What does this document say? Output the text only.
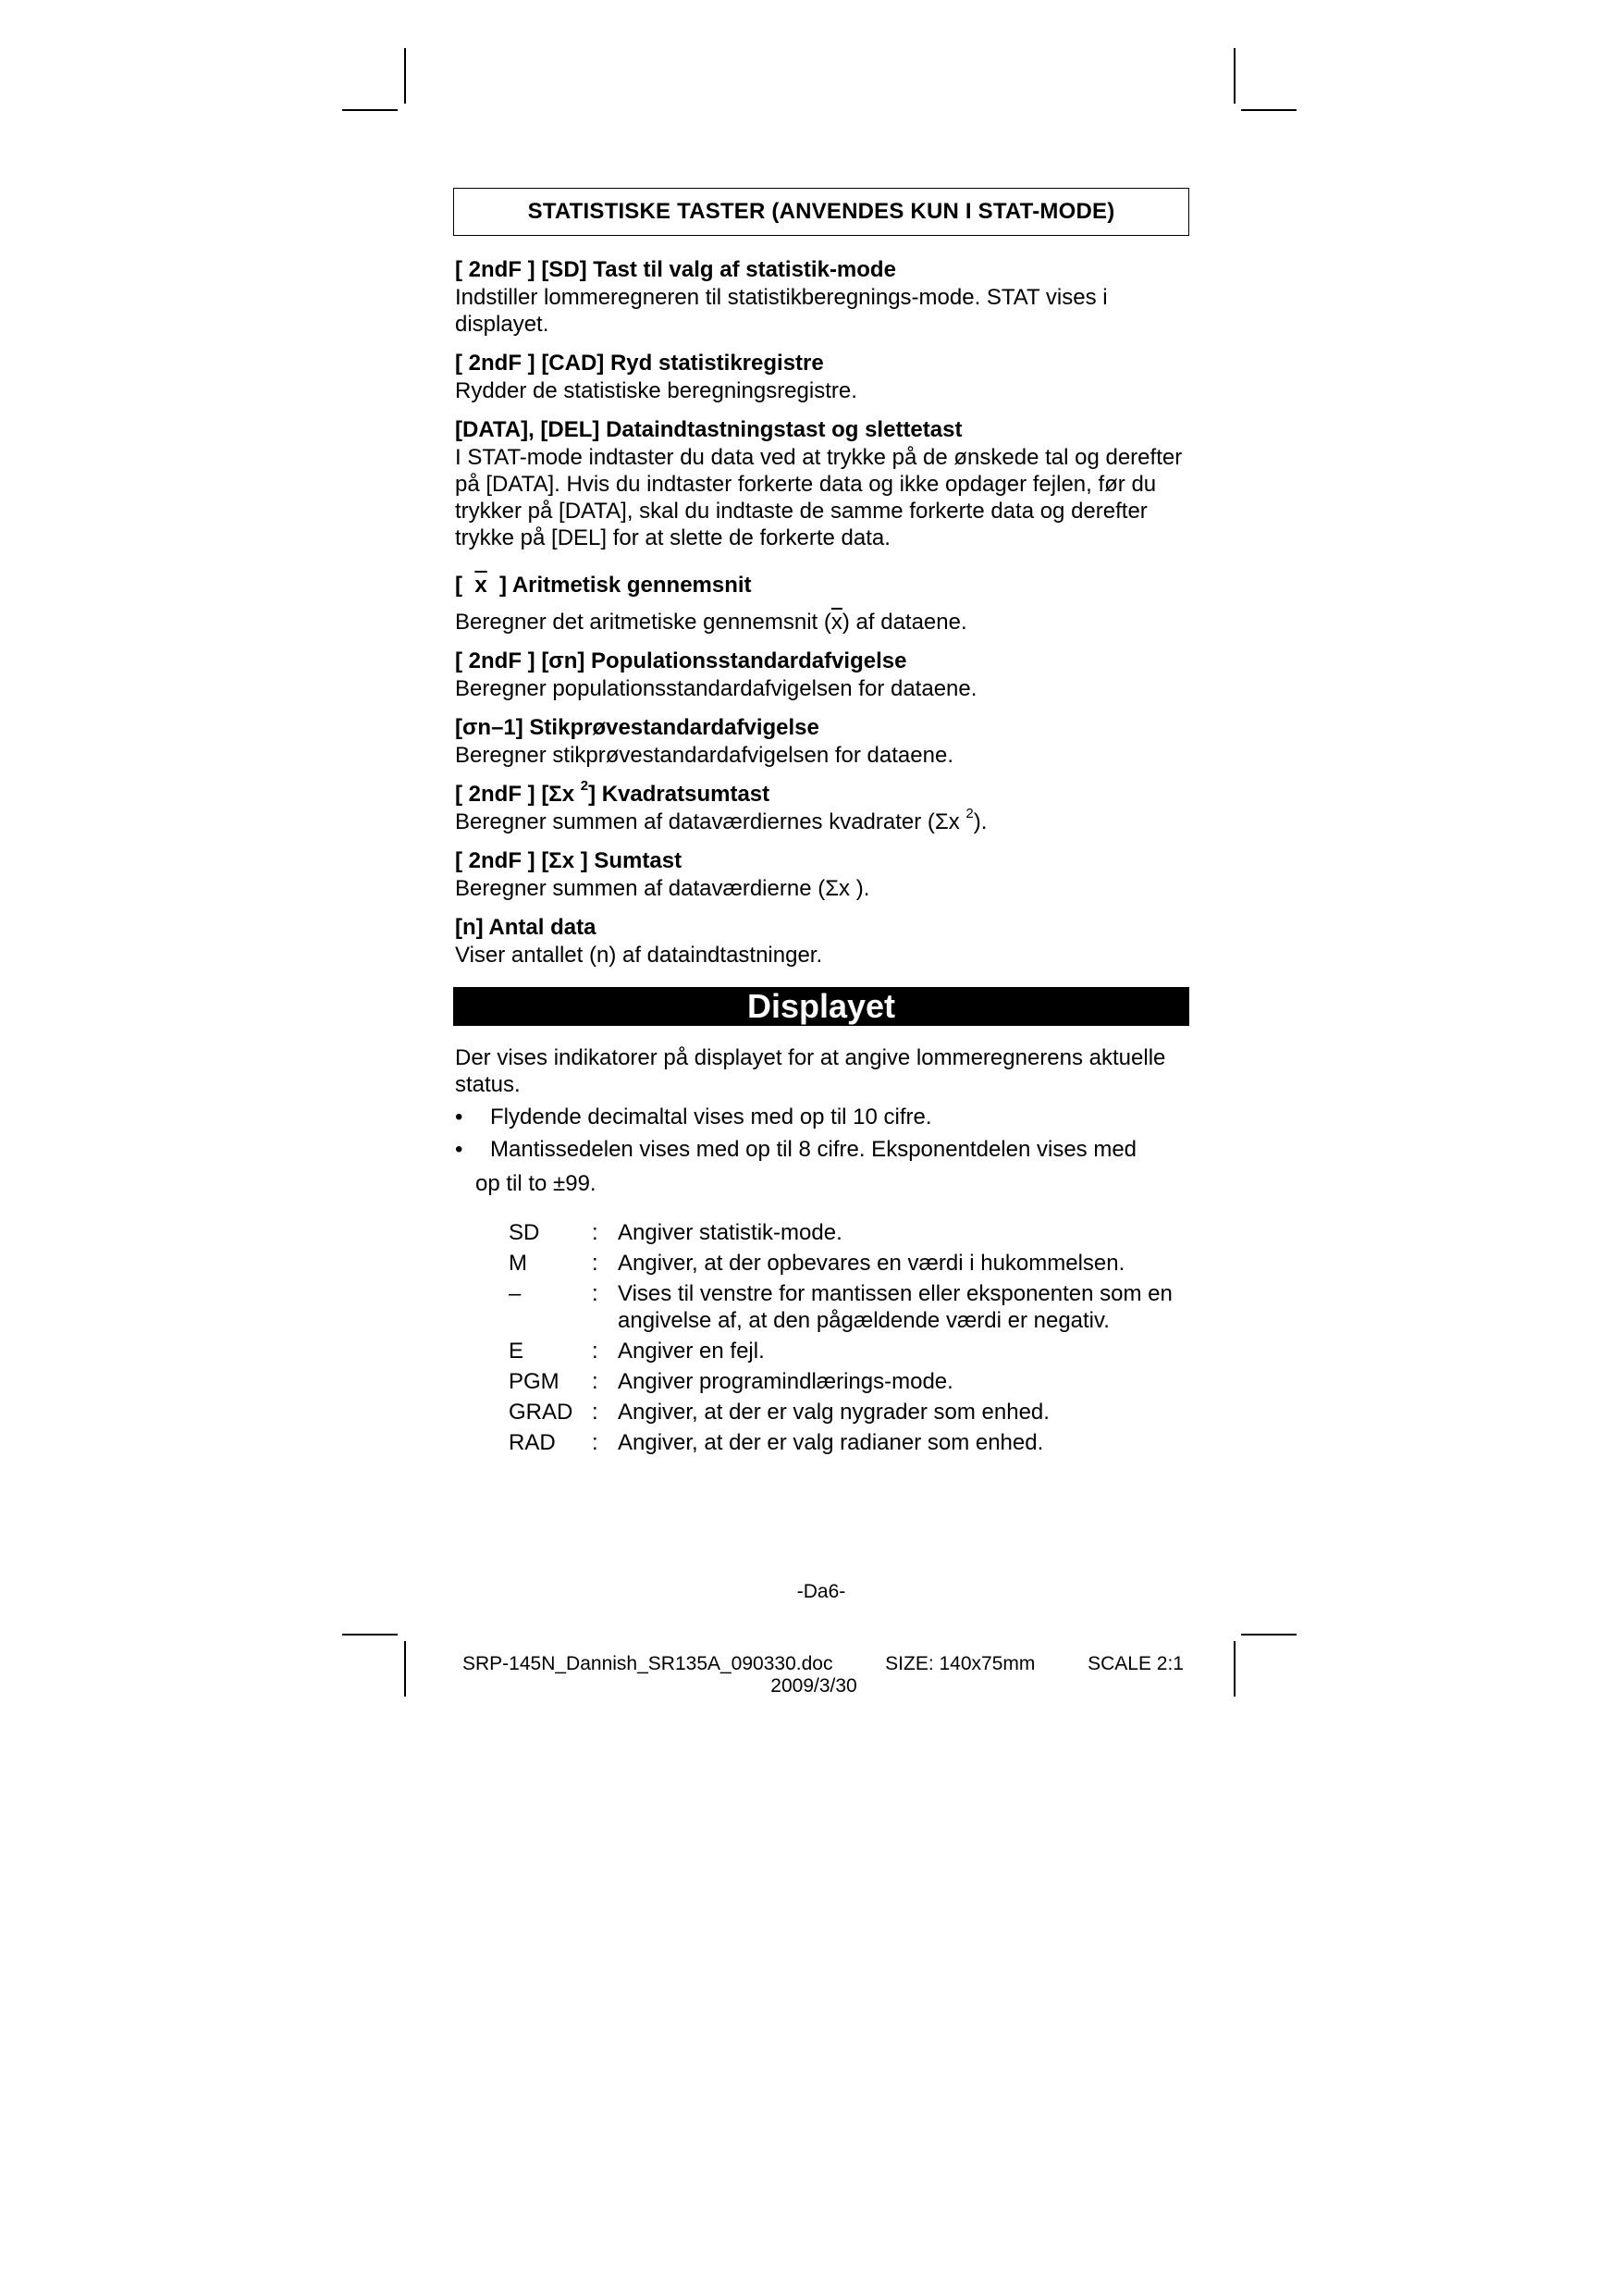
STATISTISKE TASTER (ANVENDES KUN I STAT-MODE)
[ 2ndF ] [SD] Tast til valg af statistik-mode
Indstiller lommeregneren til statistikberegnings-mode. STAT vises i displayet.
[ 2ndF ] [CAD] Ryd statistikregistre
Rydder de statistiske beregningsregistre.
[DATA], [DEL] Dataindtastningstast og slettetast
I STAT-mode indtaster du data ved at trykke på de ønskede tal og derefter på [DATA]. Hvis du indtaster forkerte data og ikke opdager fejlen, før du trykker på [DATA], skal du indtaste de samme forkerte data og derefter trykke på [DEL] for at slette de forkerte data.
[ $\overline{x}$ ] Aritmetisk gennemsnit
Beregner det aritmetiske gennemsnit $(\overline{x})$ af dataene.
[ 2ndF ] [σn] Populationsstandardafvigelse
Beregner populationsstandardafvigelsen for dataene.
[σn–1] Stikprøvestandardafvigelse
Beregner stikprøvestandardafvigelsen for dataene.
[ 2ndF ] [Σx $^2$] Kvadratsumtast
Beregner summen af dataværdiernes kvadrater (Σx $^2$).
[ 2ndF ] [Σx ] Sumtast
Beregner summen af dataværdierne (Σx ).
[n] Antal data
Viser antallet (n) af dataindtastninger.
Displayet
Der vises indikatorer på displayet for at angive lommeregnerens aktuelle status.
•	Flydende decimaltal vises med op til 10 cifre.
•	Mantissedelen vises med op til 8 cifre. Eksponentdelen vises med
op til to ±99.
SD	: Angiver statistik-mode.
M	: Angiver, at der opbevares en værdi i hukommelsen.
–	: Vises til venstre for mantissen eller eksponenten som en angivelse af, at den pågældende værdi er negativ.
E	: Angiver en fejl.
PGM	: Angiver programindlærings-mode.
GRAD : Angiver, at der er valg nygrader som enhed.
RAD	: Angiver, at der er valg radianer som enhed.
-Da6-
SRP-145N_Dannish_SR135A_090330.doc	SIZE: 140x75mm	SCALE 2:1
2009/3/30
